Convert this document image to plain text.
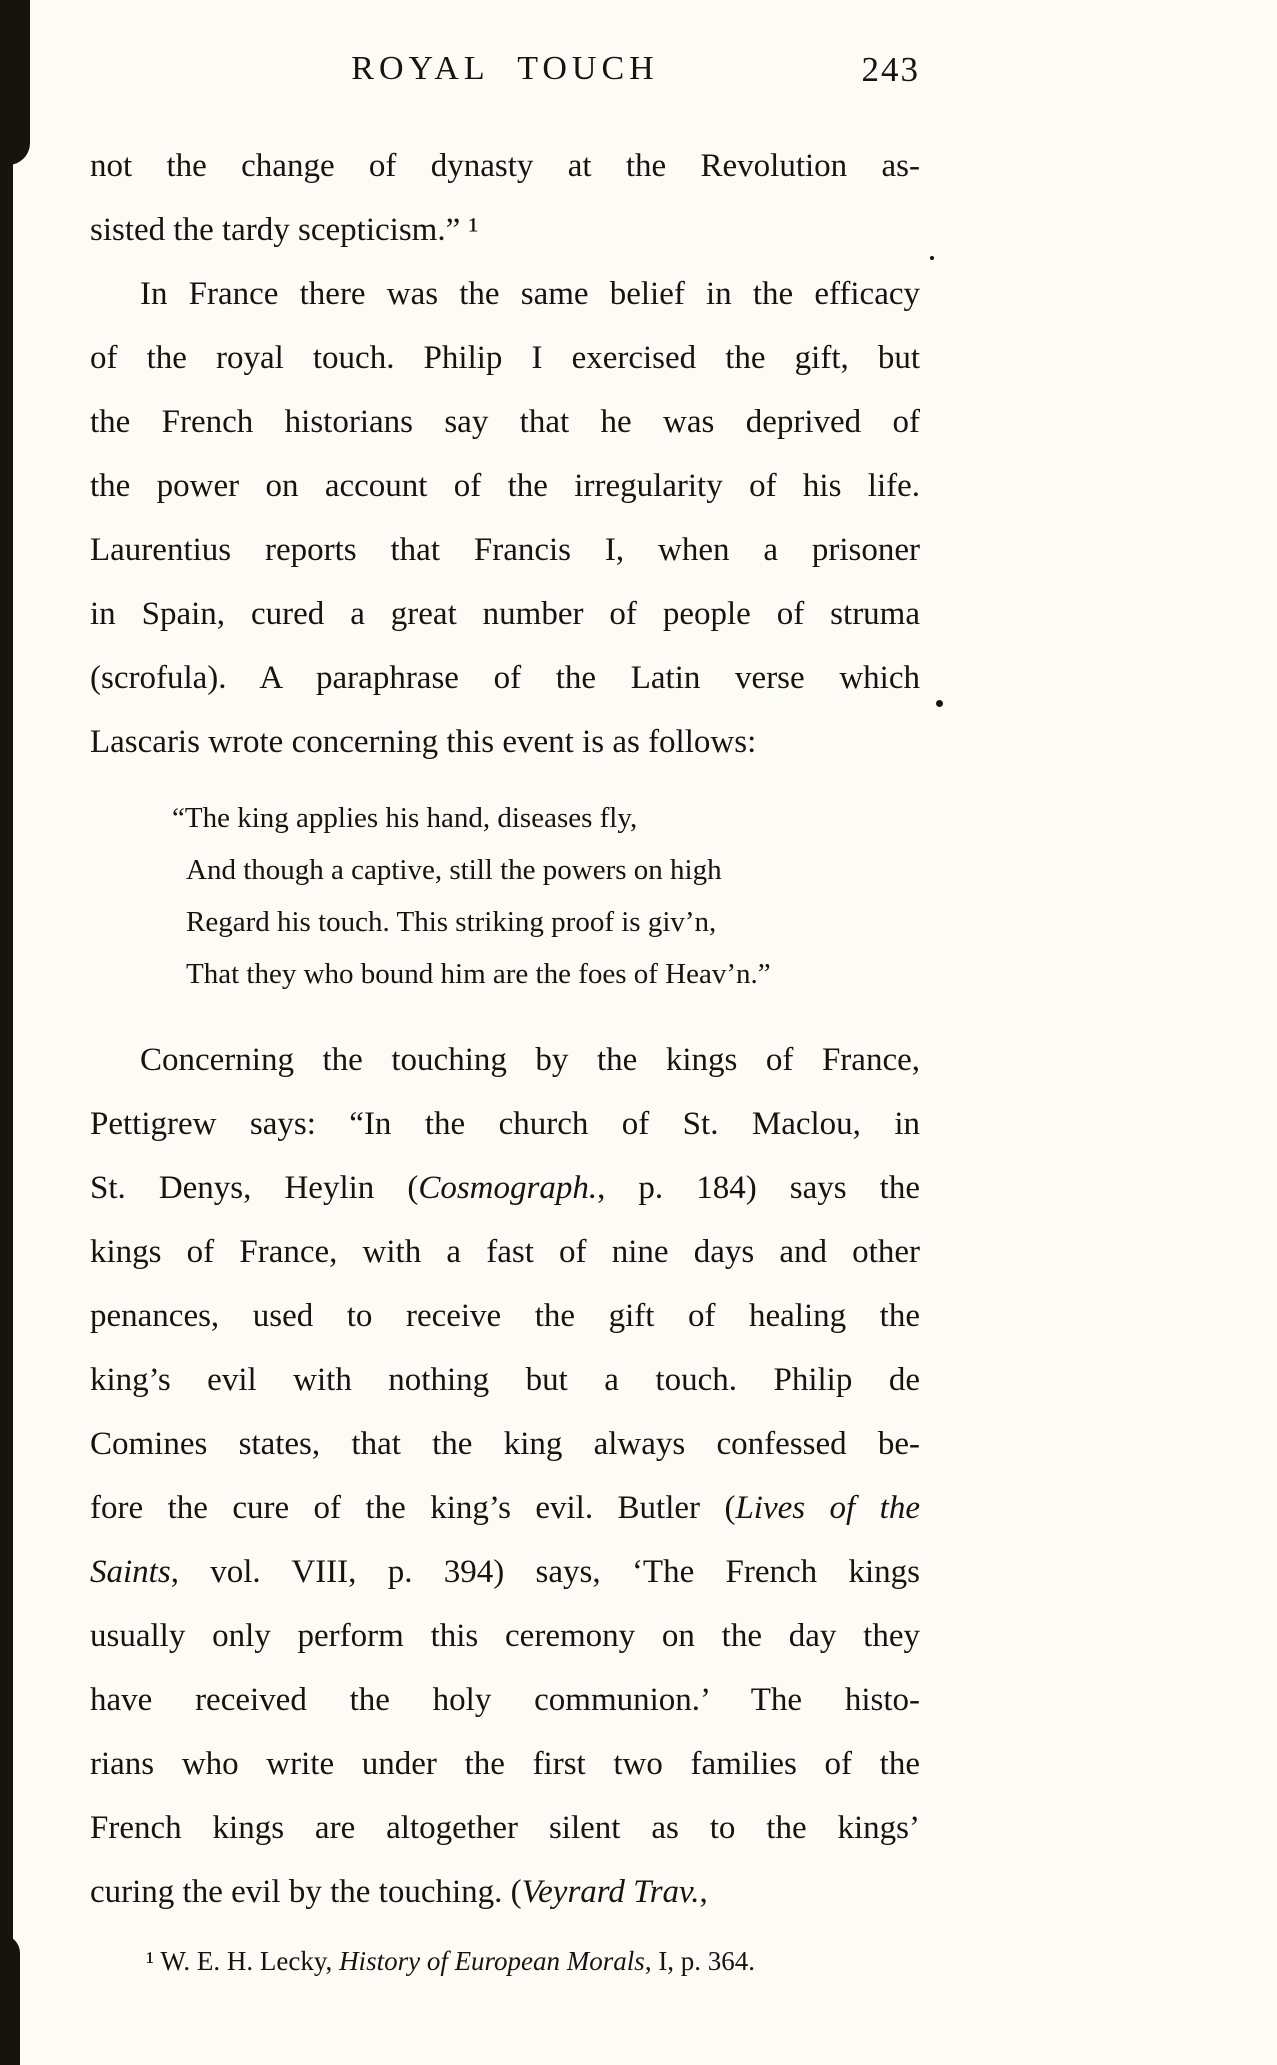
ROYAL TOUCH	243
not the change of dynasty at the Revolution as-
sisted the tardy scepticism.” ¹
In France there was the same belief in the efficacy
of the royal touch. Philip I exercised the gift, but
the French historians say that he was deprived of
the power on account of the irregularity of his life.
Laurentius reports that Francis I, when a prisoner
in Spain, cured a great number of people of struma
(scrofula). A paraphrase of the Latin verse which
Lascaris wrote concerning this event is as follows:
“The king applies his hand, diseases fly,
And though a captive, still the powers on high
Regard his touch. This striking proof is giv’n,
That they who bound him are the foes of Heav’n.”
Concerning the touching by the kings of France,
Pettigrew says: “In the church of St. Maclou, in
St. Denys, Heylin (Cosmograph., p. 184) says the
kings of France, with a fast of nine days and other
penances, used to receive the gift of healing the
king’s evil with nothing but a touch. Philip de
Comines states, that the king always confessed be-
fore the cure of the king’s evil. Butler (Lives of the
Saints, vol. VIII, p. 394) says, ‘The French kings
usually only perform this ceremony on the day they
have received the holy communion.’ The histo-
rians who write under the first two families of the
French kings are altogether silent as to the kings’
curing the evil by the touching. (Veyrard Trav.,
¹ W. E. H. Lecky, History of European Morals, I, p. 364.
